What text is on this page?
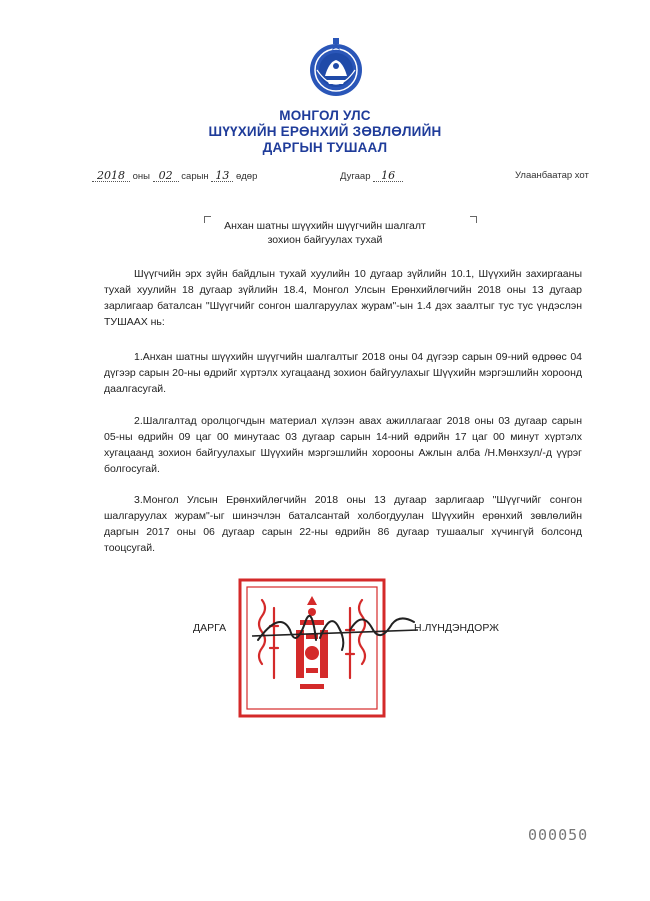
МОНГОЛ УЛС
ШҮҮХИЙН ЕРӨНХИЙ ЗӨВЛӨЛИЙН
ДАРГЫН ТУШААЛ
2018 оны 02 сарын 13 өдөр	Дугаар 16	Улаанбаатар хот
Анхан шатны шүүхийн шүүгчийн шалгалт
зохион байгуулах тухай

Шүүгчийн эрх зүйн байдлын тухай хуулийн 10 дугаар зүйлийн 10.1, Шүүхийн захиргааны тухай хуулийн 18 дугаар зүйлийн 18.4, Монгол Улсын Ерөнхийлөгчийн 2018 оны 13 дугаар зарлигаар баталсан "Шүүгчийг сонгон шалгаруулах журам"-ын 1.4 дэх заалтыг тус тус үндэслэн ТУШААХ нь:

1.Анхан шатны шүүхийн шүүгчийн шалгалтыг 2018 оны 04 дүгээр сарын 09-ний өдрөөс 04 дүгээр сарын 20-ны өдрийг хүртэлх хугацаанд зохион байгуулахыг Шүүхийн мэргэшлийн хороонд даалгасугай.

2.Шалгалтад оролцогчдын материал хүлээн авах ажиллагааг 2018 оны 03 дугаар сарын 05-ны өдрийн 09 цаг 00 минутаас 03 дугаар сарын 14-ний өдрийн 17 цаг 00 минут хүртэлх хугацаанд зохион байгуулахыг Шүүхийн мэргэшлийн хорооны Ажлын алба /Н.Мөнхзул/-д үүрэг болгосугай.

3.Монгол Улсын Ерөнхийлөгчийн 2018 оны 13 дугаар зарлигаар "Шүүгчийг сонгон шалгаруулах журам"-ыг шинэчлэн баталсантай холбогдуулан Шүүхийн ерөнхий зөвлөлийн даргын 2017 оны 06 дугаар сарын 22-ны өдрийн 86 дугаар тушаалыг хүчингүй болсонд тооцсугай.

ДАРГА	Н.ЛҮНДЭНДОРЖ
000050
